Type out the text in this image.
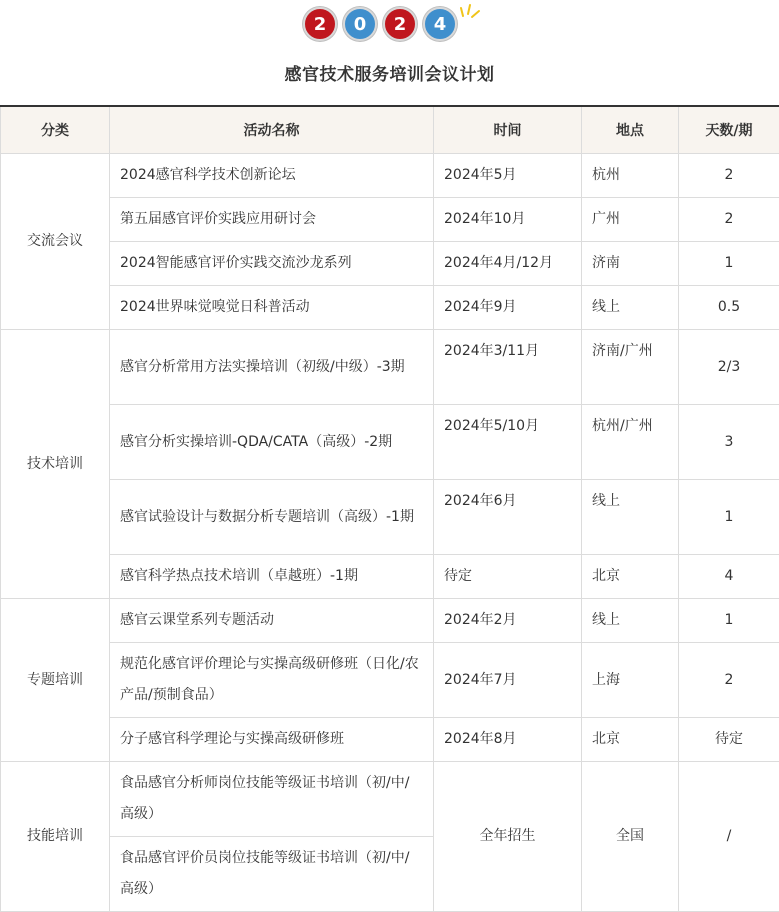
2	0	2	4
感官技术服务培训会议计划
分类	活动名称	时间	地点	天数/期
交流会议	2024感官科学技术创新论坛	2024年5月	杭州	2
	第五届感官评价实践应用研讨会	2024年10月	广州	2
	2024智能感官评价实践交流沙龙系列	2024年4月/12月	济南	1
	2024世界味觉嗅觉日科普活动	2024年9月	线上	0.5
技术培训	感官分析常用方法实操培训（初级/中级）-3期	2024年3/11月	济南/广州	2/3
	感官分析实操培训-QDA/CATA（高级）-2期	2024年5/10月	杭州/广州	3
	感官试验设计与数据分析专题培训（高级）-1期	2024年6月	线上	1
	感官科学热点技术培训（卓越班）-1期	待定	北京	4
专题培训	感官云课堂系列专题活动	2024年2月	线上	1
	规范化感官评价理论与实操高级研修班（日化/农产品/预制食品）	2024年7月	上海	2
	分子感官科学理论与实操高级研修班	2024年8月	北京	待定
技能培训	食品感官分析师岗位技能等级证书培训（初/中/高级）	全年招生	全国	/
	食品感官评价员岗位技能等级证书培训（初/中/高级）			
